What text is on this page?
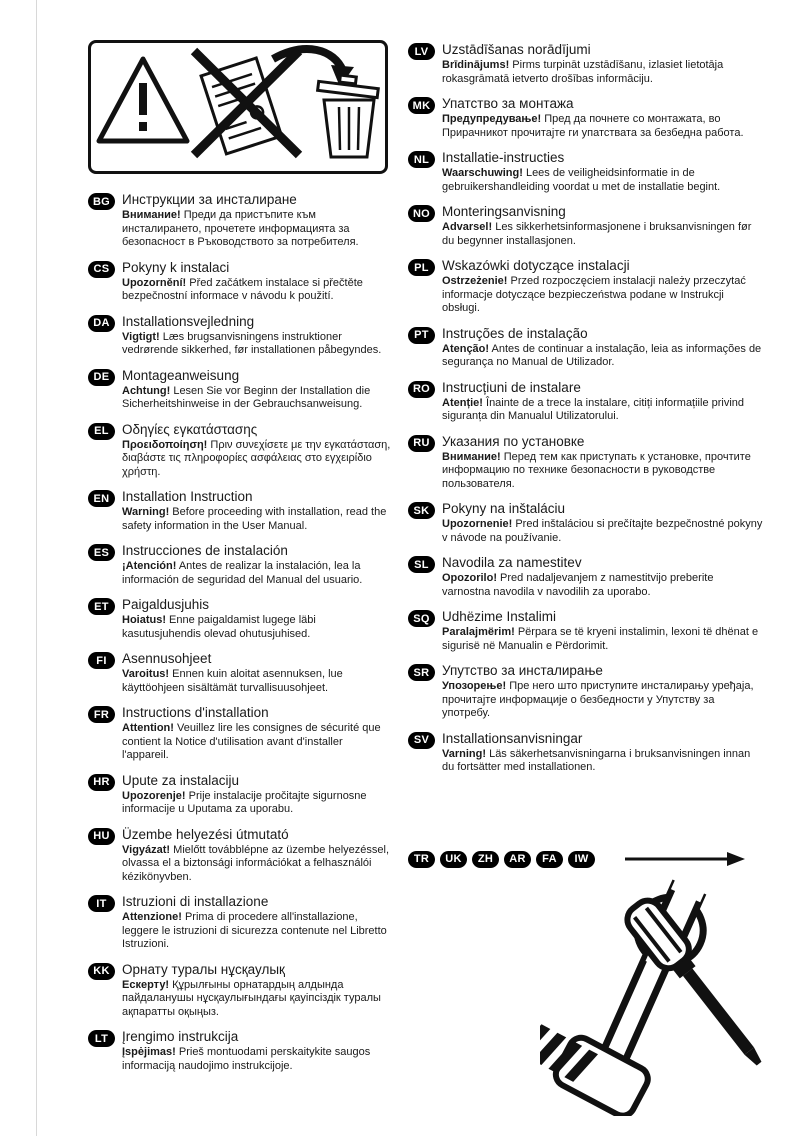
BG Инструкции за инсталиране
Внимание! Преди да пристъпите към инсталирането, прочетете информацията за безопасност в Ръководството за потребителя.
CS Pokyny k instalaci
Upozornění! Před začátkem instalace si přečtěte bezpečnostní informace v návodu k použití.
DA Installationsvejledning
Vigtigt! Læs brugsanvisningens instruktioner vedrørende sikkerhed, før installationen påbegyndes.
DE Montageanweisung
Achtung! Lesen Sie vor Beginn der Installation die Sicherheitshinweise in der Gebrauchsanweisung.
EL Οδηγίες εγκατάστασης
Προειδοποίηση! Πριν συνεχίσετε με την εγκατάσταση, διαβάστε τις πληροφορίες ασφάλειας στο εγχειρίδιο χρήστη.
EN Installation Instruction
Warning! Before proceeding with installation, read the safety information in the User Manual.
ES Instrucciones de instalación
¡Atención! Antes de realizar la instalación, lea la información de seguridad del Manual del usuario.
ET Paigaldusjuhis
Hoiatus! Enne paigaldamist lugege läbi kasutusjuhendis olevad ohutusjuhised.
FI	Asennusohjeet
Varoitus! Ennen kuin aloitat asennuksen, lue käyttöohjeen sisältämät turvallisuusohjeet.
FR Instructions d'installation
Attention! Veuillez lire les consignes de sécurité que contient la Notice d'utilisation avant d'installer l'appareil.
HR Upute za instalaciju
Upozorenje! Prije instalacije pročitajte sigurnosne informacije u Uputama za uporabu.
HU Üzembe helyezési útmutató
Vigyázat! Mielőtt továbblépne az üzembe helyezéssel, olvassa el a biztonsági információkat a felhasználói kézikönyvben.
IT	Istruzioni di installazione
Attenzione! Prima di procedere all'installazione, leggere le istruzioni di sicurezza contenute nel Libretto Istruzioni.
KK Орнату туралы нұсқаулық
Ескерту! Құрылғыны орнатардың алдында пайдаланушы нұсқаулығындағы қауіпсіздік туралы ақпаратты оқыңыз.
LT	Įrengimo instrukcija
Įspėjimas! Prieš montuodami perskaitykite saugos informaciją naudojimo instrukcijoje.
LV	Uzstādīšanas norādījumi
Brīdinājums! Pirms turpināt uzstādīšanu, izlasiet lietotāja rokasgrāmatā ietverto drošības informāciju.
MK Упатство за монтажа
Предупредување! Пред да почнете со монтажата, во Прирачникот прочитајте ги упатствата за безбедна работа.
NL Installatie-instructies
Waarschuwing! Lees de veiligheidsinformatie in de gebruikershandleiding voordat u met de installatie begint.
NO Monteringsanvisning
Advarsel! Les sikkerhetsinformasjonene i bruksanvisningen før du begynner installasjonen.
PL Wskazówki dotyczące instalacji
Ostrzeżenie! Przed rozpoczęciem instalacji należy przeczytać informacje dotyczące bezpieczeństwa podane w Instrukcji obsługi.
PT Instruções de instalação
Atenção! Antes de continuar a instalação, leia as informações de segurança no Manual de Utilizador.
RO Instrucțiuni de instalare
Atenție! Înainte de a trece la instalare, citiți informațiile privind siguranța din Manualul Utilizatorului.
RU Указания по установке
Внимание! Перед тем как приступать к установке, прочтите информацию по технике безопасности в руководстве пользователя.
SK Pokyny na inštaláciu
Upozornenie! Pred inštaláciou si prečítajte bezpečnostné pokyny v návode na používanie.
SL Navodila za namestitev
Opozorilo! Pred nadaljevanjem z namestitvijo preberite varnostna navodila v navodilih za uporabo.
SQ Udhëzime Instalimi
Paralajmërim! Përpara se të kryeni instalimin, lexoni të dhënat e sigurisë në Manualin e Përdorimit.
SR Упутство за инсталирање
Упозорење! Пре него што приступите инсталирању уређаја, прочитајте информације о безбедности у Упутству за употребу.
SV Installationsanvisningar
Varning! Läs säkerhetsanvisningarna i bruksanvisningen innan du fortsätter med installationen.
TR	UK	ZH	AR	FA	IW
